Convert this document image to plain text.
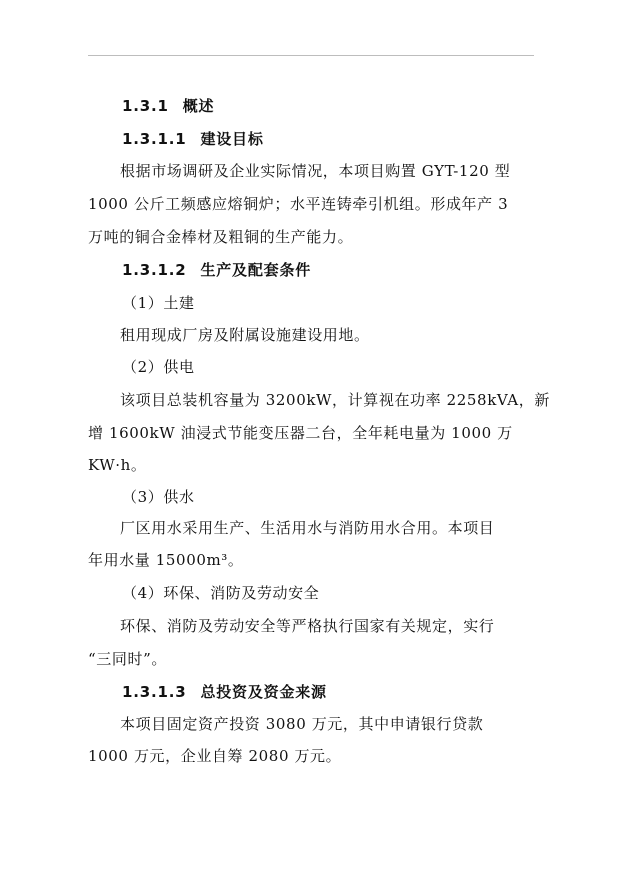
1.3.1 概述
1.3.1.1 建设目标
根据市场调研及企业实际情况，本项目购置 GYT-120 型
1000 公斤工频感应熔铜炉；水平连铸牵引机组。形成年产 3
万吨的铜合金棒材及粗铜的生产能力。
1.3.1.2 生产及配套条件
（1）土建
租用现成厂房及附属设施建设用地。
（2）供电
该项目总装机容量为 3200kW，计算视在功率 2258kVA，新
增 1600kW 油浸式节能变压器二台，全年耗电量为 1000 万
KW·h。
（3）供水
厂区用水采用生产、生活用水与消防用水合用。本项目
年用水量 15000m³。
（4）环保、消防及劳动安全
环保、消防及劳动安全等严格执行国家有关规定，实行
“三同时”。
1.3.1.3 总投资及资金来源
本项目固定资产投资 3080 万元，其中申请银行贷款
1000 万元，企业自筹 2080 万元。
